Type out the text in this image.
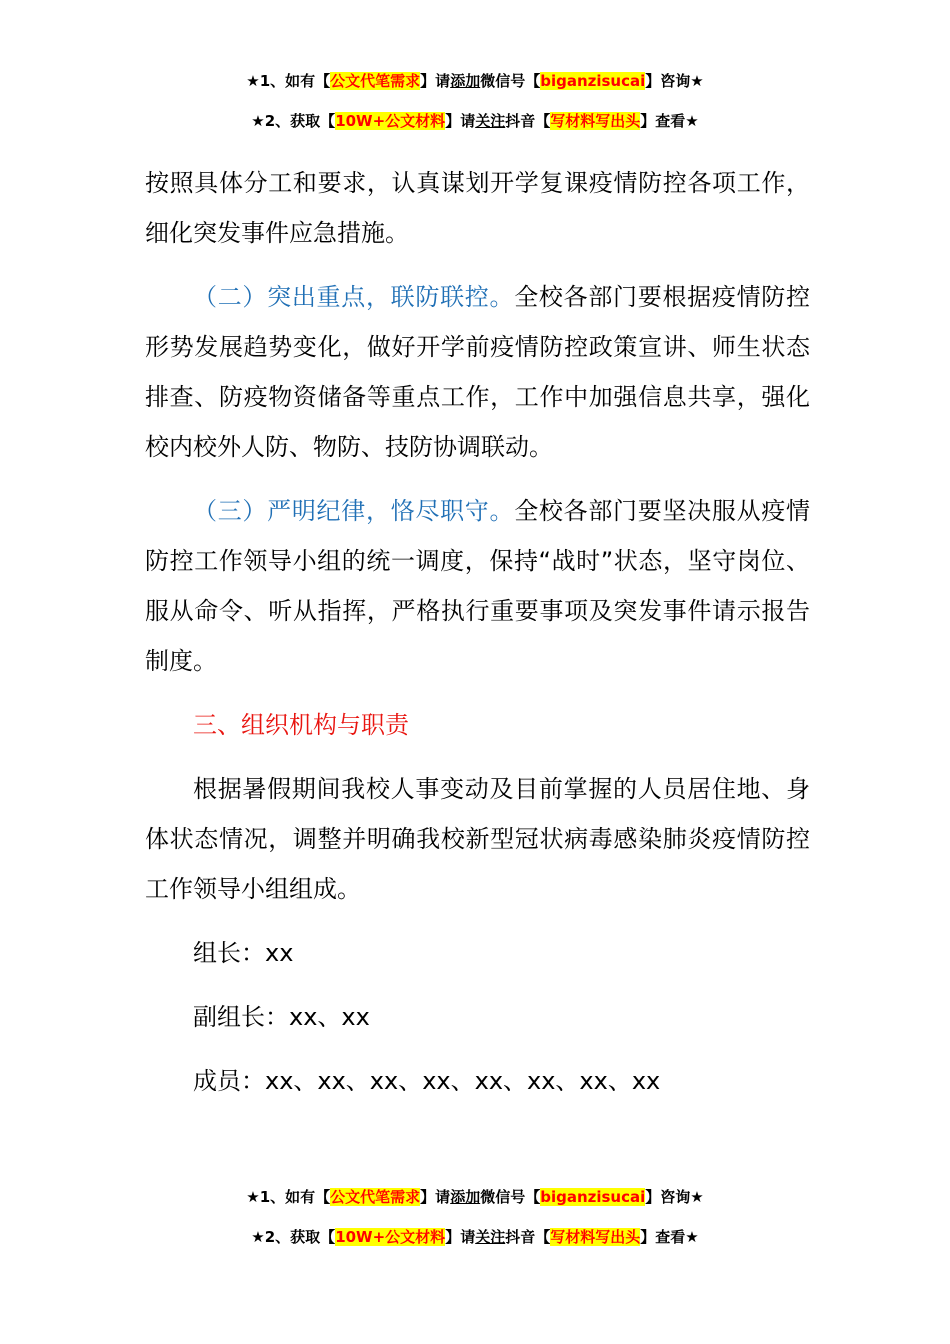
★1、如有【公文代笔需求】请添加微信号【biganzisucai】咨询★
★2、获取【10W+公文材料】请关注抖音【写材料写出头】查看★

按照具体分工和要求，认真谋划开学复课疫情防控各项工作，细化突发事件应急措施。

（二）突出重点，联防联控。全校各部门要根据疫情防控形势发展趋势变化，做好开学前疫情防控政策宣讲、师生状态排查、防疫物资储备等重点工作，工作中加强信息共享，强化校内校外人防、物防、技防协调联动。

（三）严明纪律，恪尽职守。全校各部门要坚决服从疫情防控工作领导小组的统一调度，保持“战时”状态，坚守岗位、服从命令、听从指挥，严格执行重要事项及突发事件请示报告制度。

三、组织机构与职责

根据暑假期间我校人事变动及目前掌握的人员居住地、身体状态情况，调整并明确我校新型冠状病毒感染肺炎疫情防控工作领导小组组成。

组长：xx

副组长：xx、xx

成员：xx、xx、xx、xx、xx、xx、xx、xx

★1、如有【公文代笔需求】请添加微信号【biganzisucai】咨询★
★2、获取【10W+公文材料】请关注抖音【写材料写出头】查看★
